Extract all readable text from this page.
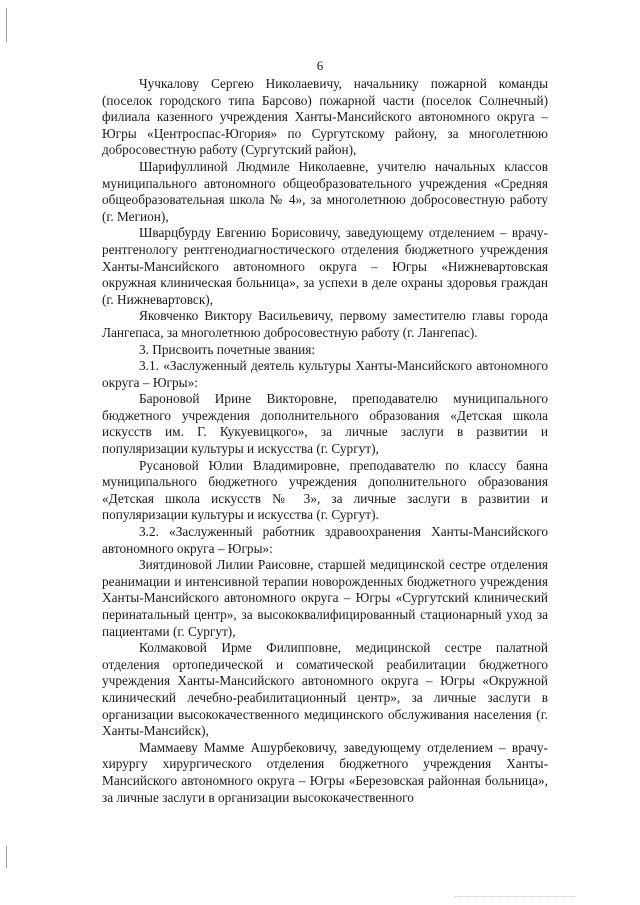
6

Чучкалову Сергею Николаевичу, начальнику пожарной команды (поселок городского типа Барсово) пожарной части (поселок Солнечный) филиала казенного учреждения Ханты-Мансийского автономного округа – Югры «Центроспас-Югория» по Сургутскому району, за многолетнюю добросовестную работу (Сургутский район),

Шарифуллиной Людмиле Николаевне, учителю начальных классов муниципального автономного общеобразовательного учреждения «Средняя общеобразовательная школа № 4», за многолетнюю добросовестную работу (г. Мегион),

Шварцбурду Евгению Борисовичу, заведующему отделением – врачу-рентгенологу рентгенодиагностического отделения бюджетного учреждения Ханты-Мансийского автономного округа – Югры «Нижневартовская окружная клиническая больница», за успехи в деле охраны здоровья граждан (г. Нижневартовск),

Яковченко Виктору Васильевичу, первому заместителю главы города Лангепаса, за многолетнюю добросовестную работу (г. Лангепас).

3. Присвоить почетные звания:

3.1. «Заслуженный деятель культуры Ханты-Мансийского автономного округа – Югры»:

Бароновой Ирине Викторовне, преподавателю муниципального бюджетного учреждения дополнительного образования «Детская школа искусств им. Г. Кукуевицкого», за личные заслуги в развитии и популяризации культуры и искусства (г. Сургут),

Русановой Юлии Владимировне, преподавателю по классу баяна муниципального бюджетного учреждения дополнительного образования «Детская школа искусств № 3», за личные заслуги в развитии и популяризации культуры и искусства (г. Сургут).

3.2. «Заслуженный работник здравоохранения Ханты-Мансийского автономного округа – Югры»:

Зиятдиновой Лилии Раисовне, старшей медицинской сестре отделения реанимации и интенсивной терапии новорожденных бюджетного учреждения Ханты-Мансийского автономного округа – Югры «Сургутский клинический перинатальный центр», за высококвалифицированный стационарный уход за пациентами (г. Сургут),

Колмаковой Ирме Филипповне, медицинской сестре палатной отделения ортопедической и соматической реабилитации бюджетного учреждения Ханты-Мансийского автономного округа – Югры «Окружной клинический лечебно-реабилитационный центр», за личные заслуги в организации высококачественного медицинского обслуживания населения (г. Ханты-Мансийск),

Маммаеву Мамме Ашурбековичу, заведующему отделением – врачу-хирургу хирургического отделения бюджетного учреждения Ханты-Мансийского автономного округа – Югры «Березовская районная больница», за личные заслуги в организации высококачественного
